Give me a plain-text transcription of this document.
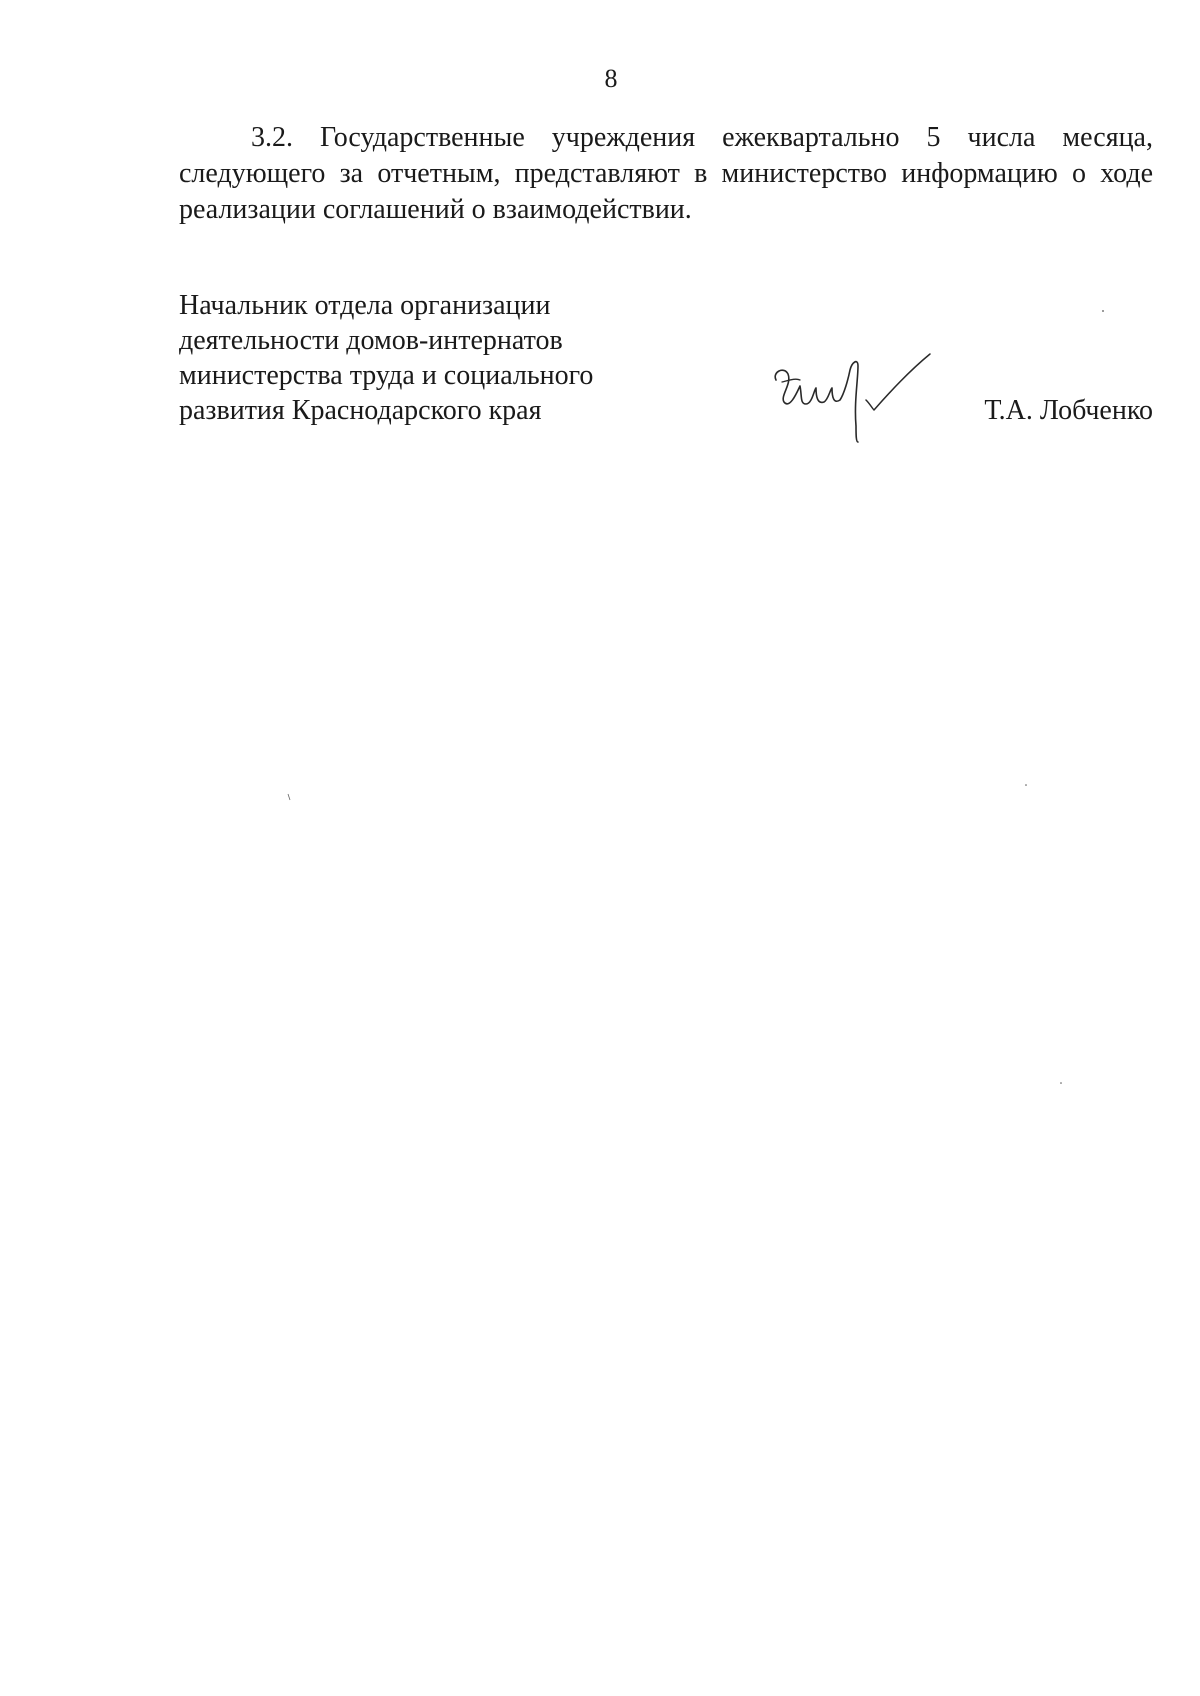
8

3.2. Государственные учреждения ежеквартально 5 числа месяца, следующего за отчетным, представляют в министерство информацию о ходе реализации соглашений о взаимодействии.

Начальник отдела организации
деятельности домов-интернатов
министерства труда и социального
развития Краснодарского края	Т.А. Лобченко
